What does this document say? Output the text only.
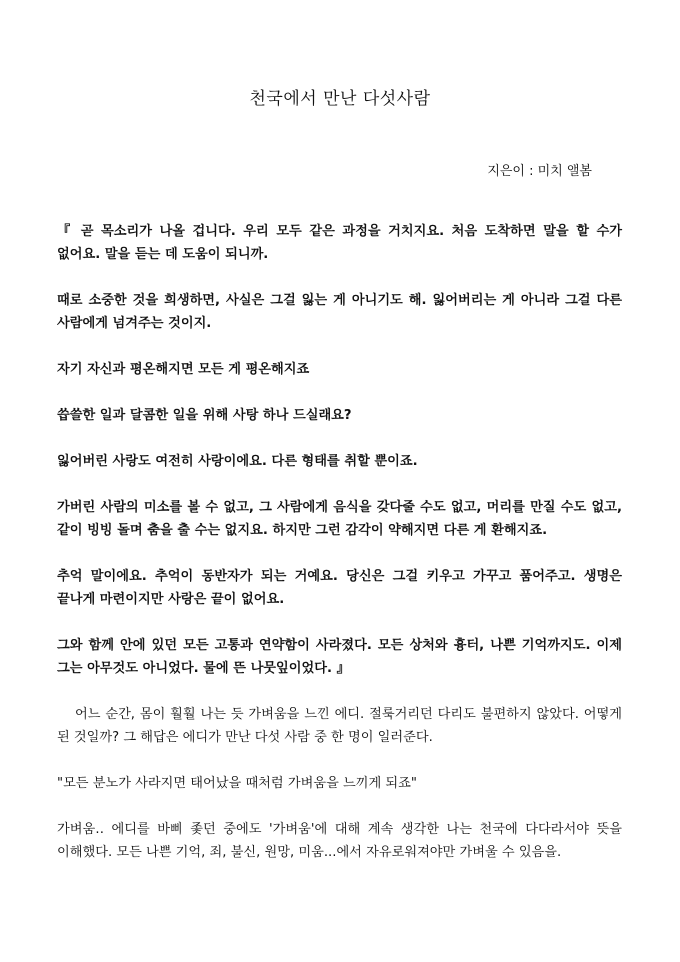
천국에서 만난 다섯사람

지은이 : 미치 앨봄

『 곧 목소리가 나올 겁니다. 우리 모두 같은 과정을 거치지요. 처음 도착하면 말을 할 수가 없어요. 말을 듣는 데 도움이 되니까.

때로 소중한 것을 희생하면, 사실은 그걸 잃는 게 아니기도 해. 잃어버리는 게 아니라 그걸 다른 사람에게 넘겨주는 것이지.

자기 자신과 평온해지면 모든 게 평온해지죠

씁쓸한 일과 달콤한 일을 위해 사탕 하나 드실래요?

잃어버린 사랑도 여전히 사랑이에요. 다른 형태를 취할 뿐이죠.

가버린 사람의 미소를 볼 수 없고, 그 사람에게 음식을 갖다줄 수도 없고, 머리를 만질 수도 없고, 같이 빙빙 돌며 춤을 출 수는 없지요. 하지만 그런 감각이 약해지면 다른 게 환해지죠.

추억 말이에요. 추억이 동반자가 되는 거예요. 당신은 그걸 키우고 가꾸고 품어주고. 생명은 끝나게 마련이지만 사랑은 끝이 없어요.

그와 함께 안에 있던 모든 고통과 연약함이 사라졌다. 모든 상처와 흉터, 나쁜 기억까지도. 이제 그는 아무것도 아니었다. 물에 뜬 나뭇잎이었다. 』

어느 순간, 몸이 훨훨 나는 듯 가벼움을 느낀 에디. 절룩거리던 다리도 불편하지 않았다. 어떻게 된 것일까? 그 해답은 에디가 만난 다섯 사람 중 한 명이 일러준다.

"모든 분노가 사라지면 태어났을 때처럼 가벼움을 느끼게 되죠"

가벼움‥ 에디를 바삐 좇던 중에도 '가벼움'에 대해 계속 생각한 나는 천국에 다다라서야 뜻을 이해했다. 모든 나쁜 기억, 죄, 불신, 원망, 미움...에서 자유로워져야만 가벼울 수 있음을.
